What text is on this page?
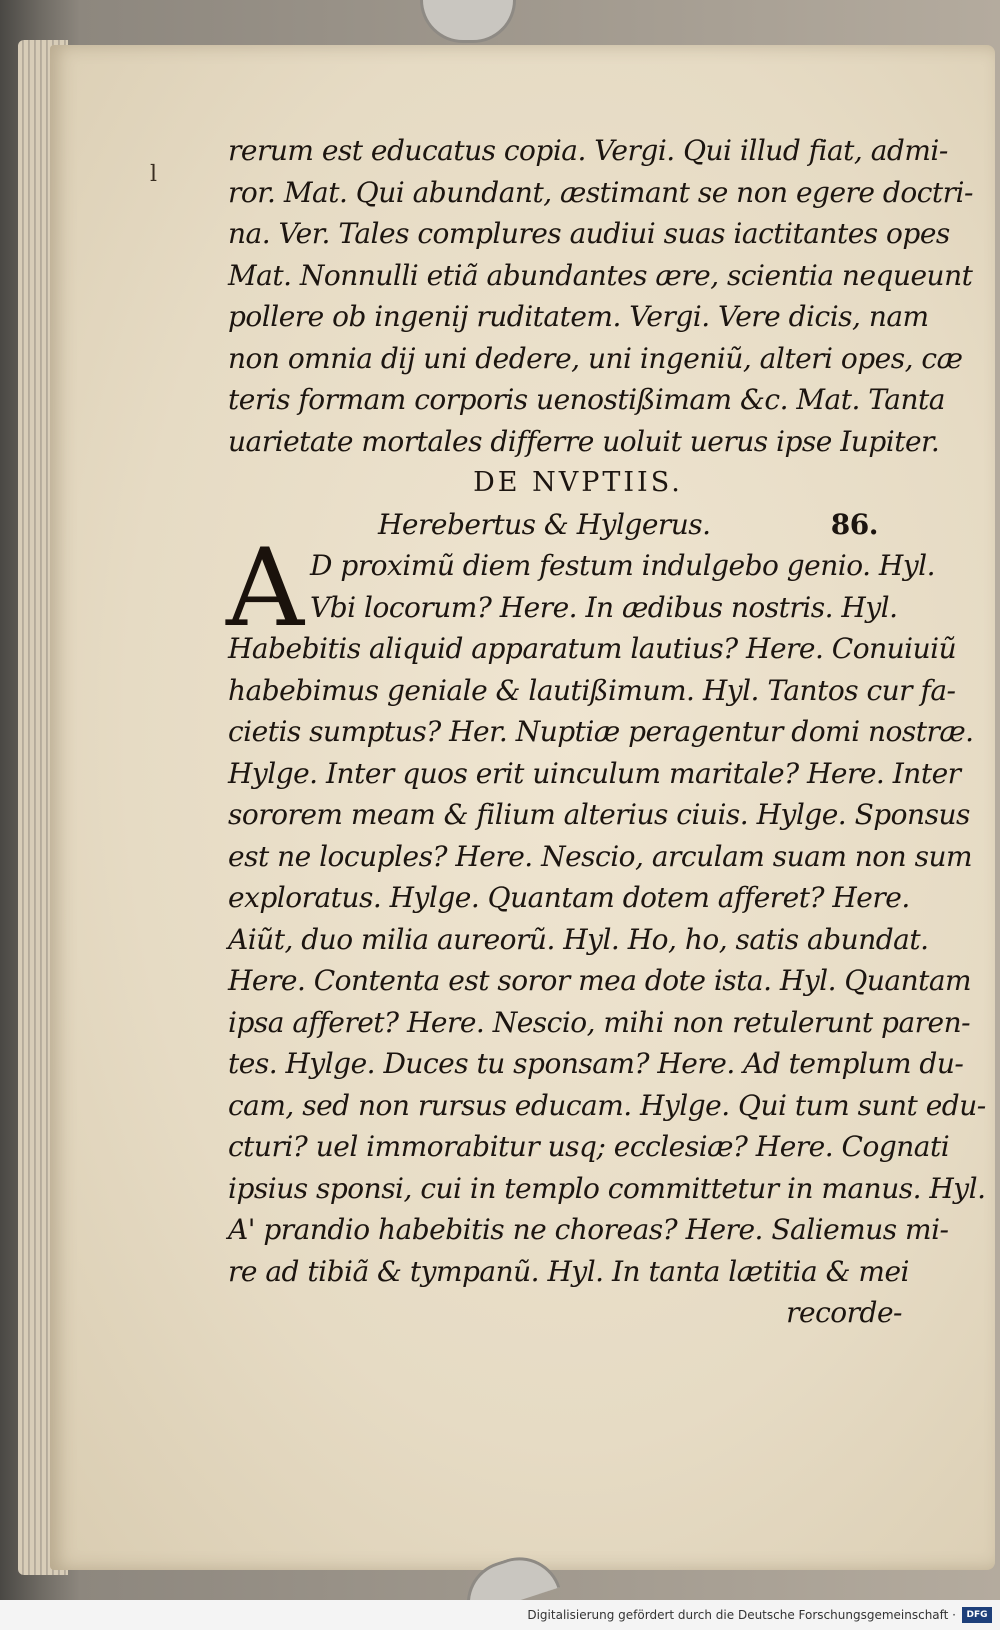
l
rerum est educatus copia. Vergi. Qui illud fiat, admi-
ror. Mat. Qui abundant, æstimant se non egere doctri-
na. Ver. Tales complures audiui suas iactitantes opes
Mat. Nonnulli etiã abundantes ære, scientia nequeunt
pollere ob ingenij ruditatem. Vergi. Vere dicis, nam
non omnia dij uni dedere, uni ingeniũ, alteri opes, cæ
teris formam corporis uenostißimam &c. Mat. Tanta
uarietate mortales differre uoluit uerus ipse Iupiter.
DE NVPTIIS.
Herebertus & Hylgerus.	86.
A D proximũ diem festum indulgebo genio. Hyl.
Vbi locorum? Here. In ædibus nostris. Hyl.
Habebitis aliquid apparatum lautius? Here. Conuiuiũ
habebimus geniale & lautißimum. Hyl. Tantos cur fa-
cietis sumptus? Her. Nuptiæ peragentur domi nostræ.
Hylge. Inter quos erit uinculum maritale? Here. Inter
sororem meam & filium alterius ciuis. Hylge. Sponsus
est ne locuples? Here. Nescio, arculam suam non sum
exploratus. Hylge. Quantam dotem afferet? Here.
Aiũt, duo milia aureorũ. Hyl. Ho, ho, satis abundat.
Here. Contenta est soror mea dote ista. Hyl. Quantam
ipsa afferet? Here. Nescio, mihi non retulerunt paren-
tes. Hylge. Duces tu sponsam? Here. Ad templum du-
cam, sed non rursus educam. Hylge. Qui tum sunt edu-
cturi? uel immorabitur usq; ecclesiæ? Here. Cognati
ipsius sponsi, cui in templo committetur in manus. Hyl.
A' prandio habebitis ne choreas? Here. Saliemus mi-
re ad tibiã & tympanũ. Hyl. In tanta lætitia & mei
recorde-
Digitalisierung gefördert durch die Deutsche Forschungsgemeinschaft ·	DFG
